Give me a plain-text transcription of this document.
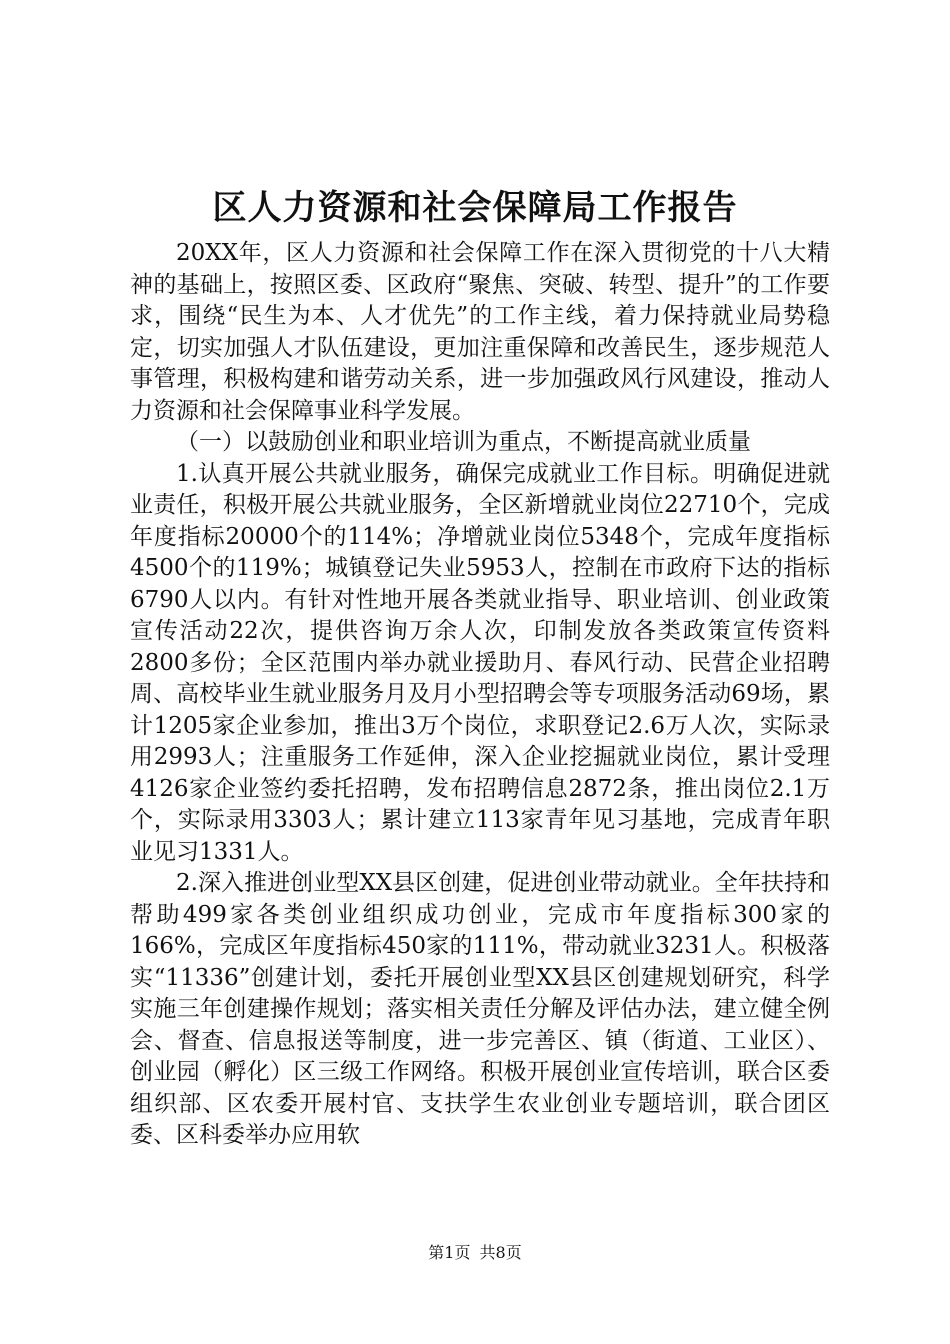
区人力资源和社会保障局工作报告

20XX年，区人力资源和社会保障工作在深入贯彻党的十八大精神的基础上，按照区委、区政府“聚焦、突破、转型、提升”的工作要求，围绕“民生为本、人才优先”的工作主线，着力保持就业局势稳定，切实加强人才队伍建设，更加注重保障和改善民生，逐步规范人事管理，积极构建和谐劳动关系，进一步加强政风行风建设，推动人力资源和社会保障事业科学发展。

（一）以鼓励创业和职业培训为重点，不断提高就业质量

1.认真开展公共就业服务，确保完成就业工作目标。明确促进就业责任，积极开展公共就业服务，全区新增就业岗位22710个，完成年度指标20000个的114%；净增就业岗位5348个，完成年度指标4500个的119%；城镇登记失业5953人，控制在市政府下达的指标6790人以内。有针对性地开展各类就业指导、职业培训、创业政策宣传活动22次，提供咨询万余人次，印制发放各类政策宣传资料2800多份；全区范围内举办就业援助月、春风行动、民营企业招聘周、高校毕业生就业服务月及月小型招聘会等专项服务活动69场，累计1205家企业参加，推出3万个岗位，求职登记2.6万人次，实际录用2993人；注重服务工作延伸，深入企业挖掘就业岗位，累计受理4126家企业签约委托招聘，发布招聘信息2872条，推出岗位2.1万个，实际录用3303人；累计建立113家青年见习基地，完成青年职业见习1331人。

2.深入推进创业型XX县区创建，促进创业带动就业。全年扶持和帮助499家各类创业组织成功创业，完成市年度指标300家的166%，完成区年度指标450家的111%，带动就业3231人。积极落实“11336”创建计划，委托开展创业型XX县区创建规划研究，科学实施三年创建操作规划；落实相关责任分解及评估办法，建立健全例会、督查、信息报送等制度，进一步完善区、镇（街道、工业区）、创业园（孵化）区三级工作网络。积极开展创业宣传培训，联合区委组织部、区农委开展村官、支扶学生农业创业专题培训，联合团区委、区科委举办应用软

第1页 共8页
